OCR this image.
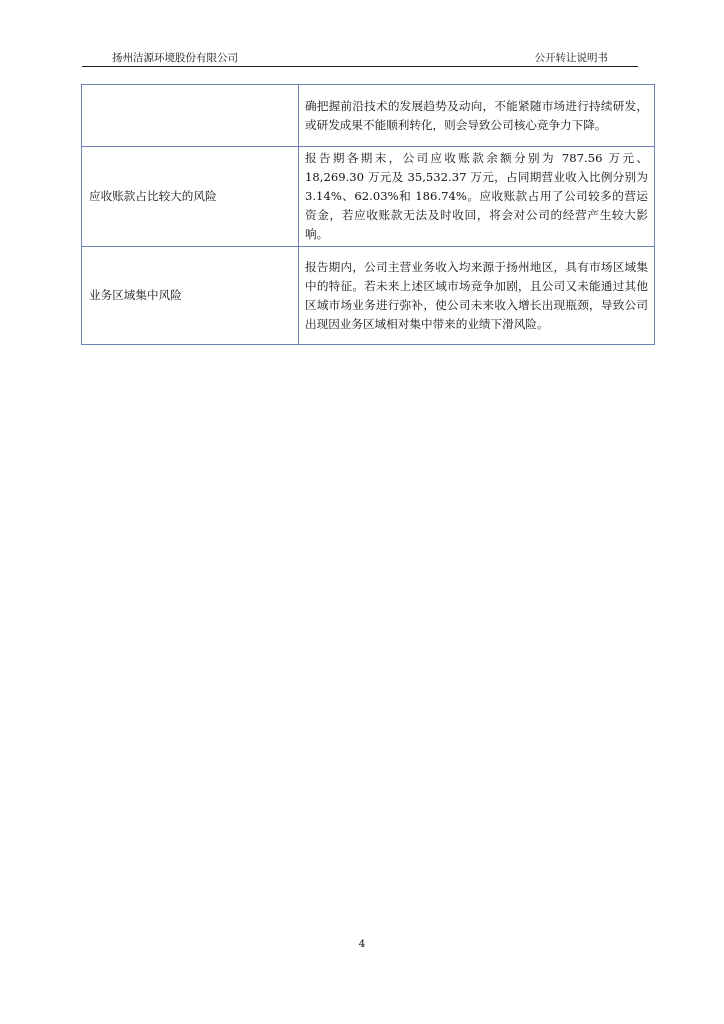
扬州洁源环境股份有限公司	公开转让说明书
	确把握前沿技术的发展趋势及动向，不能紧随市场进行持续研发，或研发成果不能顺利转化，则会导致公司核心竞争力下降。
应收账款占比较大的风险	报告期各期末，公司应收账款余额分别为 787.56 万元、18,269.30 万元及 35,532.37 万元，占同期营业收入比例分别为 3.14%、62.03%和 186.74%。应收账款占用了公司较多的营运资金，若应收账款无法及时收回，将会对公司的经营产生较大影响。
业务区域集中风险	报告期内，公司主营业务收入均来源于扬州地区，具有市场区域集中的特征。若未来上述区域市场竞争加剧，且公司又未能通过其他区域市场业务进行弥补，使公司未来收入增长出现瓶颈，导致公司出现因业务区域相对集中带来的业绩下滑风险。
4
